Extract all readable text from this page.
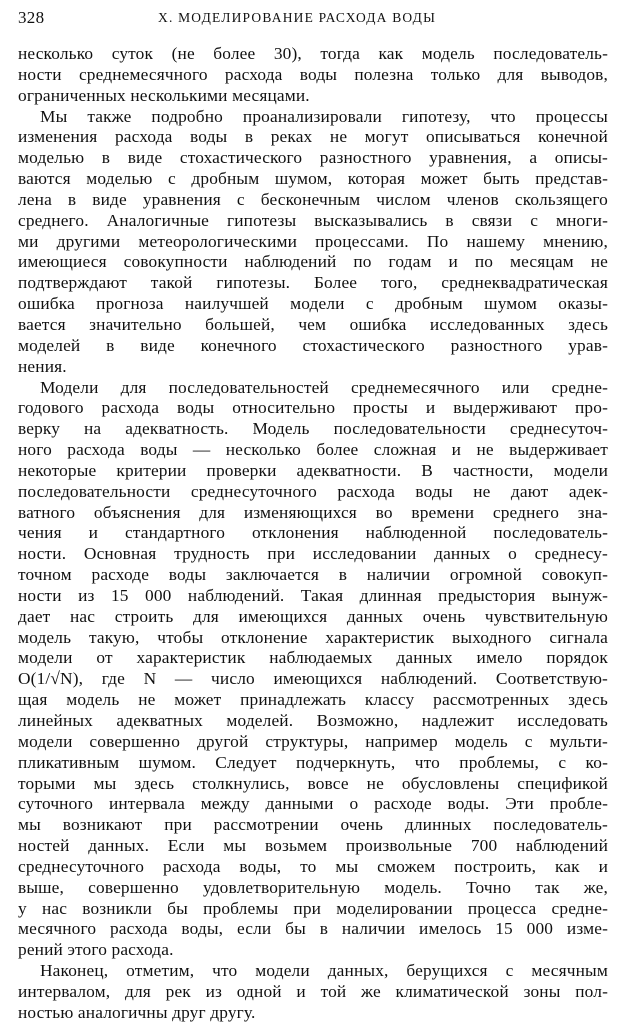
328	X. МОДЕЛИРОВАНИЕ РАСХОДА ВОДЫ
несколько суток (не более 30), тогда как модель последователь-
ности среднемесячного расхода воды полезна только для выводов,
ограниченных несколькими месяцами.
Мы также подробно проанализировали гипотезу, что процессы
изменения расхода воды в реках не могут описываться конечной
моделью в виде стохастического разностного уравнения, а описы-
ваются моделью с дробным шумом, которая может быть представ-
лена в виде уравнения с бесконечным числом членов скользящего
среднего. Аналогичные гипотезы высказывались в связи с многи-
ми другими метеорологическими процессами. По нашему мнению,
имеющиеся совокупности наблюдений по годам и по месяцам не
подтверждают такой гипотезы. Более того, среднеквадратическая
ошибка прогноза наилучшей модели с дробным шумом оказы-
вается значительно большей, чем ошибка исследованных здесь
моделей в виде конечного стохастического разностного урав-
нения.
Модели для последовательностей среднемесячного или средне-
годового расхода воды относительно просты и выдерживают про-
верку на адекватность. Модель последовательности среднесуточ-
ного расхода воды — несколько более сложная и не выдерживает
некоторые критерии проверки адекватности. В частности, модели
последовательности среднесуточного расхода воды не дают адек-
ватного объяснения для изменяющихся во времени среднего зна-
чения и стандартного отклонения наблюденной последователь-
ности. Основная трудность при исследовании данных о среднесу-
точном расходе воды заключается в наличии огромной совокуп-
ности из 15 000 наблюдений. Такая длинная предыстория вынуж-
дает нас строить для имеющихся данных очень чувствительную
модель такую, чтобы отклонение характеристик выходного сигнала
модели от характеристик наблюдаемых данных имело порядок
O(1/√N), где N — число имеющихся наблюдений. Соответствую-
щая модель не может принадлежать классу рассмотренных здесь
линейных адекватных моделей. Возможно, надлежит исследовать
модели совершенно другой структуры, например модель с мульти-
пликативным шумом. Следует подчеркнуть, что проблемы, с ко-
торыми мы здесь столкнулись, вовсе не обусловлены спецификой
суточного интервала между данными о расходе воды. Эти пробле-
мы возникают при рассмотрении очень длинных последователь-
ностей данных. Если мы возьмем произвольные 700 наблюдений
среднесуточного расхода воды, то мы сможем построить, как и
выше, совершенно удовлетворительную модель. Точно так же,
у нас возникли бы проблемы при моделировании процесса средне-
месячного расхода воды, если бы в наличии имелось 15 000 изме-
рений этого расхода.
Наконец, отметим, что модели данных, берущихся с месячным
интервалом, для рек из одной и той же климатической зоны пол-
ностью аналогичны друг другу.
